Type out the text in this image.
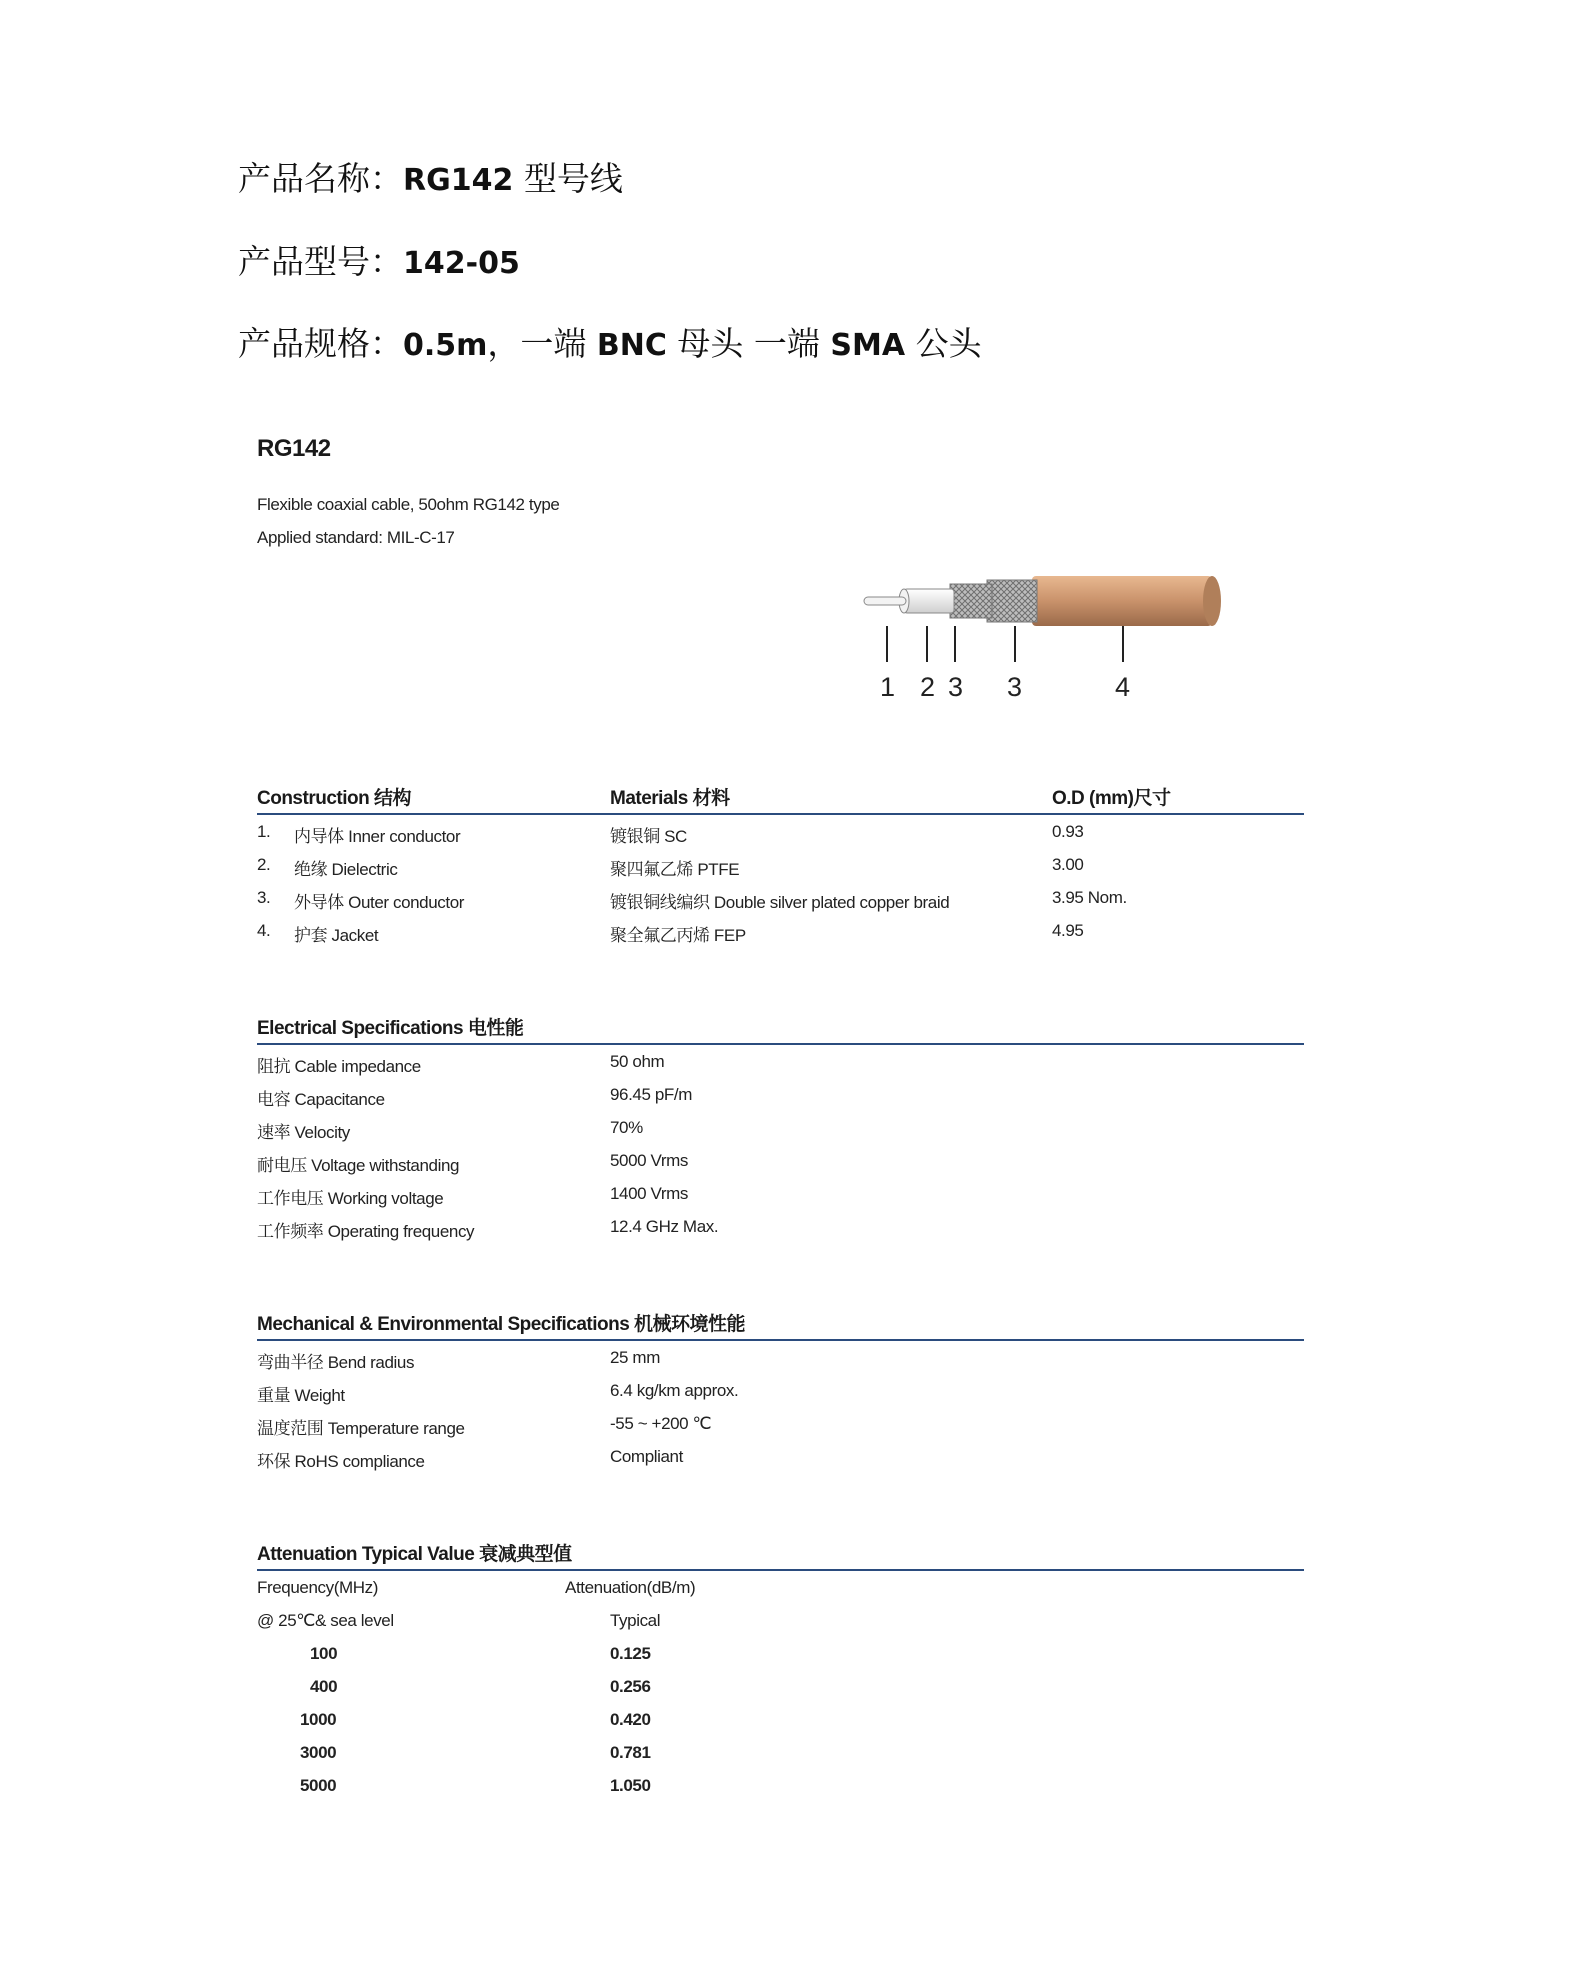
产品名称：RG142 型号线
产品型号：142-05
产品规格：0.5m，一端 BNC 母头 一端 SMA 公头
RG142
Flexible coaxial cable, 50ohm RG142 type
Applied standard: MIL-C-17
1 2 3 3	4
Construction 结构	Materials 材料	O.D (mm)尺寸
1. 内导体 Inner conductor	镀银铜 SC	0.93
2. 绝缘 Dielectric	聚四氟乙烯 PTFE	3.00
3. 外导体 Outer conductor	镀银铜线编织 Double silver plated copper braid	3.95 Nom.
4. 护套 Jacket	聚全氟乙丙烯 FEP	4.95
Electrical Specifications 电性能
阻抗 Cable impedance	50 ohm
电容 Capacitance	96.45 pF/m
速率 Velocity	70%
耐电压 Voltage withstanding	5000 Vrms
工作电压 Working voltage	1400 Vrms
工作频率 Operating frequency	12.4 GHz Max.
Mechanical & Environmental Specifications 机械环境性能
弯曲半径 Bend radius	25 mm
重量 Weight	6.4 kg/km approx.
温度范围 Temperature range	-55 ~ +200 ℃
环保 RoHS compliance	Compliant
Attenuation Typical Value 衰减典型值
Frequency(MHz)	Attenuation(dB/m)
@ 25℃& sea level	Typical
100	0.125
400	0.256
1000	0.420
3000	0.781
5000	1.050
